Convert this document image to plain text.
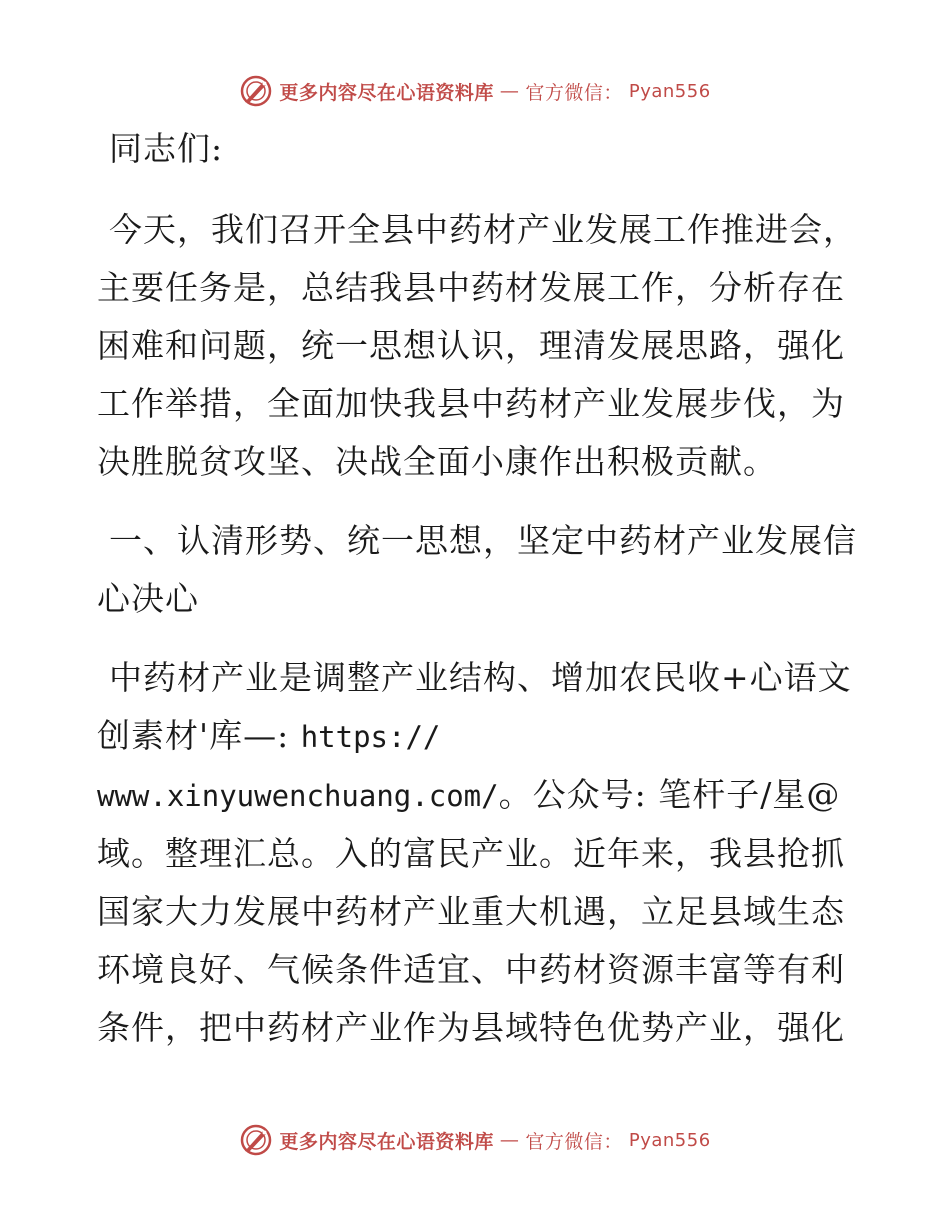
更多内容尽在心语资料库 — 官方微信： Pyan556

同志们:

今天，我们召开全县中药材产业发展工作推进会，主要任务是，总结我县中药材发展工作，分析存在困难和问题，统一思想认识，理清发展思路，强化工作举措，全面加快我县中药材产业发展步伐，为决胜脱贫攻坚、决战全面小康作出积极贡献。

一、认清形势、统一思想，坚定中药材产业发展信心决心

中药材产业是调整产业结构、增加农民收+心语文创素材'库—: https://
www.xinyuwenchuang.com/。公众号: 笔杆子/星@域。整理汇总。入的富民产业。近年来，我县抢抓国家大力发展中药材产业重大机遇，立足县域生态环境良好、气候条件适宜、中药材资源丰富等有利条件，把中药材产业作为县域特色优势产业，强化

更多内容尽在心语资料库 — 官方微信： Pyan556
